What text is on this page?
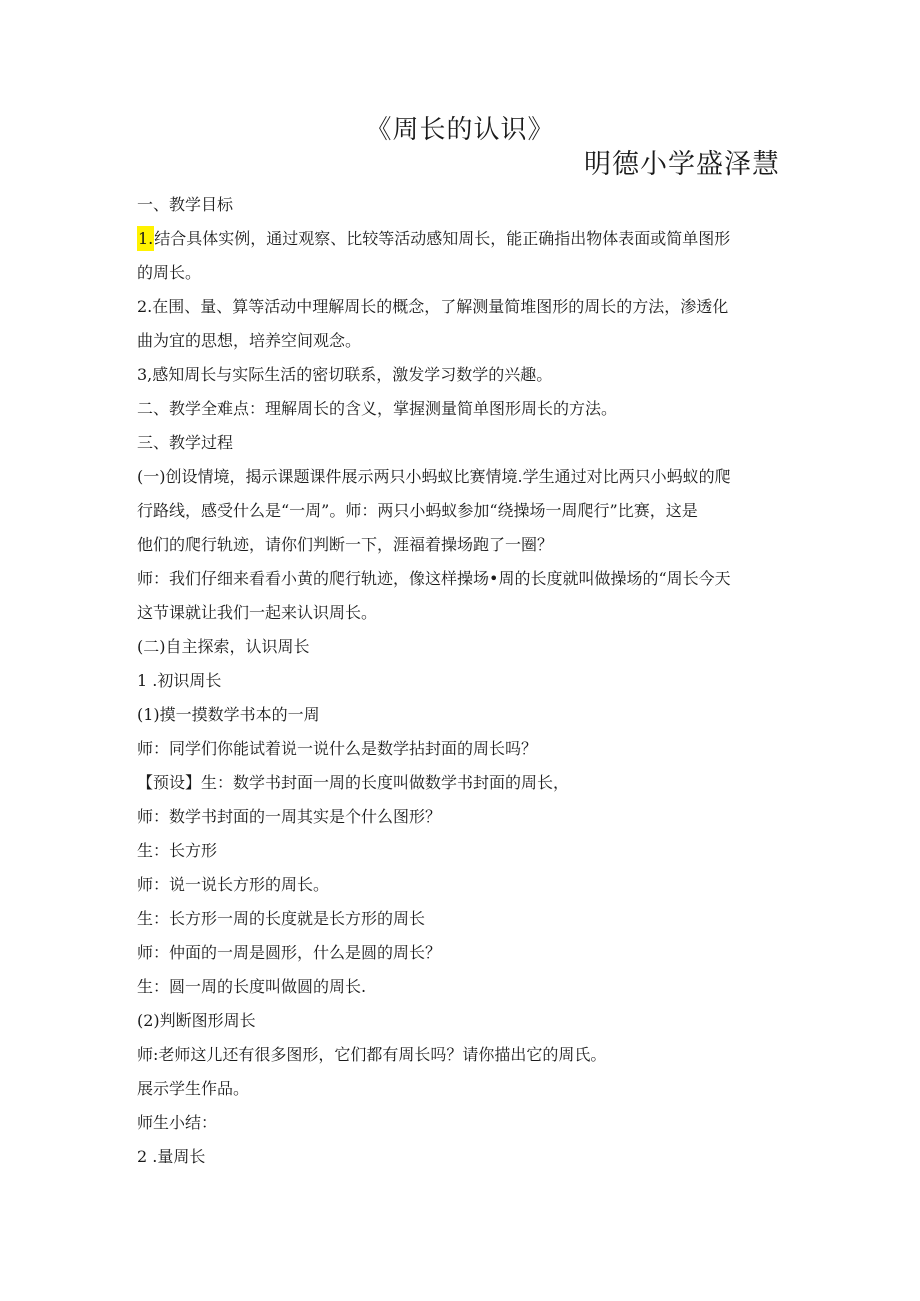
《周长的认识》
明德小学盛泽慧

一、教学目标

1.结合具体实例，通过观察、比较等活动感知周长，能正确指出物体表面或简单图形

的周长。

2.在围、量、算等活动中理解周长的概念，了解测量简堆图形的周长的方法，渗透化

曲为宜的思想，培养空间观念。

3,感知周长与实际生活的密切联系，激发学习数学的兴趣。

二、教学全难点：理解周长的含义，掌握测量简单图形周长的方法。

三、教学过程

(一)创设情境，揭示课题课件展示两只小蚂蚁比赛情境.学生通过对比两只小蚂蚁的爬

行路线，感受什么是“一周”。师：两只小蚂蚁参加“绕操场一周爬行”比赛，这是

他们的爬行轨迹，请你们判断一下，涯福着操场跑了一圈？

师：我们仔细来看看小黄的爬行轨迹，像这样操场•周的长度就叫做操场的“周长今天

这节课就让我们一起来认识周长。

(二)自主探索，认识周长

1 .初识周长

(1)摸一摸数学书本的一周

师：同学们你能试着说一说什么是数学拈封面的周长吗？

【预设】生：数学书封面一周的长度叫做数学书封面的周长，

师：数学书封面的一周其实是个什么图形？

生：长方形

师：说一说长方形的周长。

生：长方形一周的长度就是长方形的周长

师：仲面的一周是圆形，什么是圆的周长？

生：圆一周的长度叫做圆的周长.

(2)判断图形周长

师:老师这儿还有很多图形，它们都有周长吗？请你描出它的周氏。

展示学生作品。

师生小结：

2 .量周长
